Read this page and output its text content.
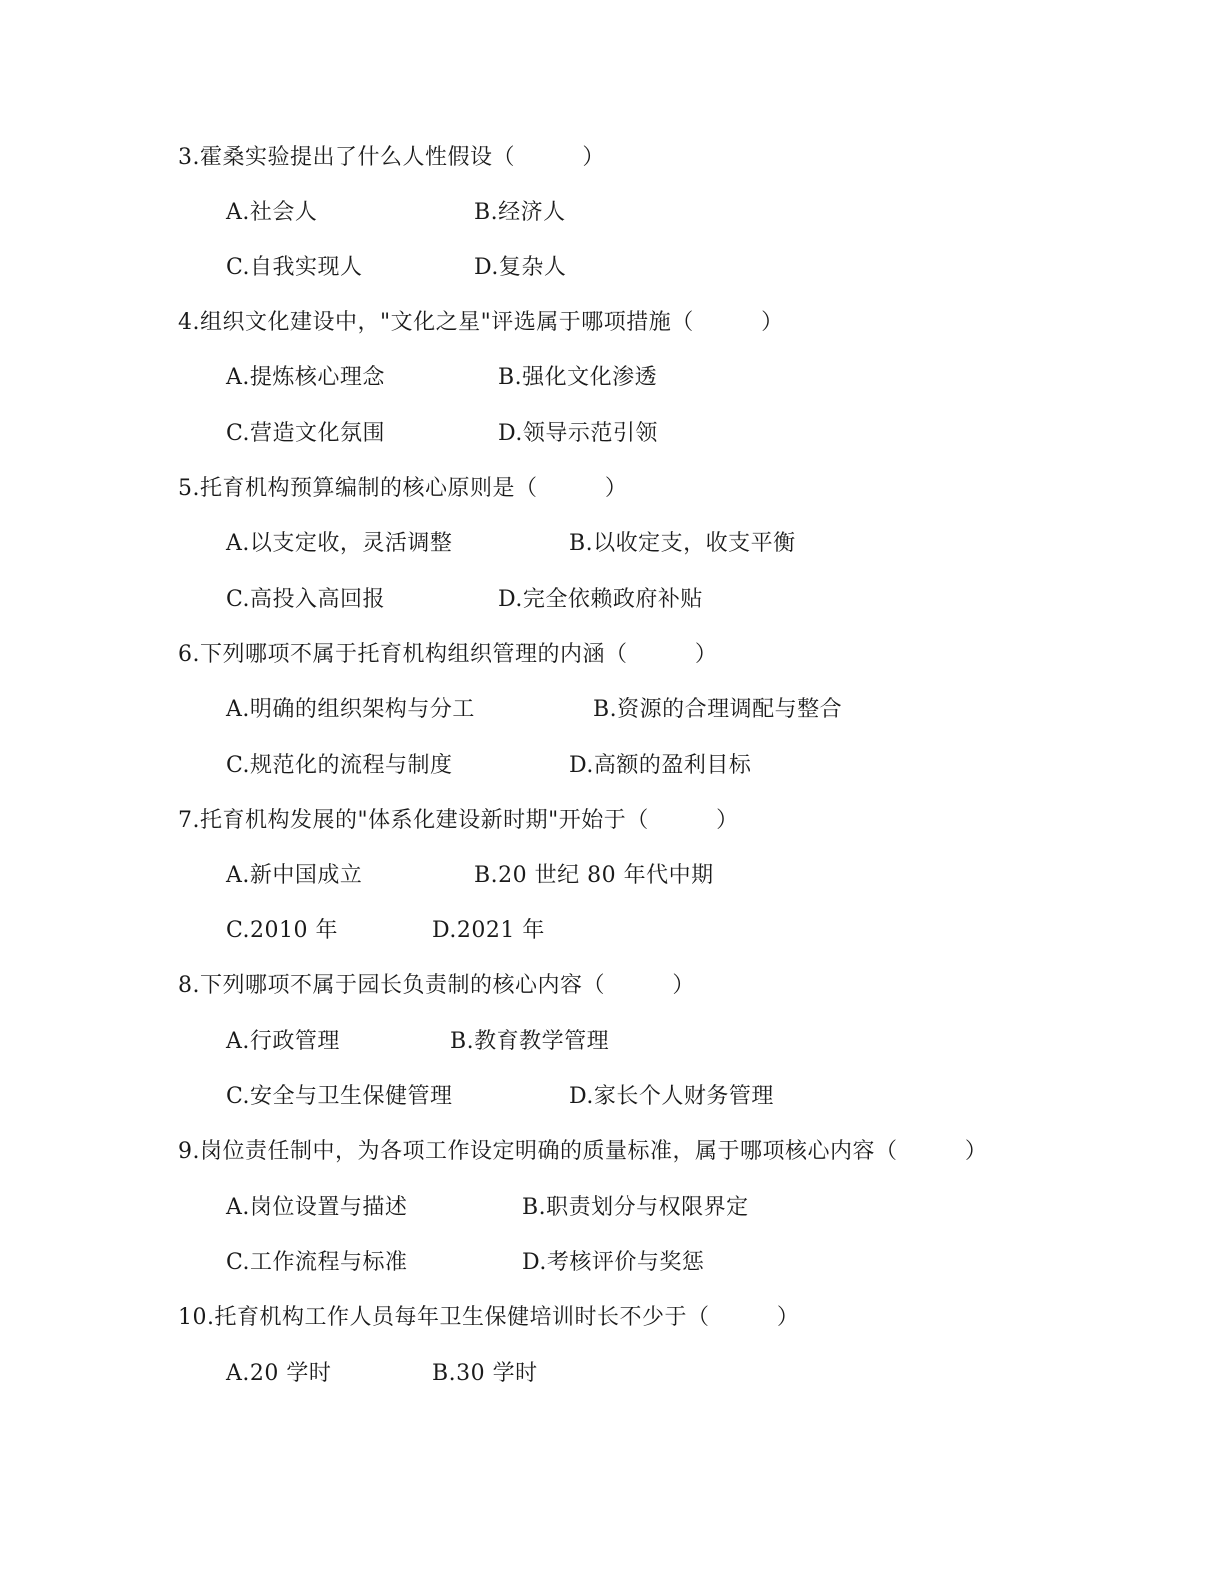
3.霍桑实验提出了什么人性假设（         ）
A.社会人	B.经济人
C.自我实现人	D.复杂人
4.组织文化建设中，"文化之星"评选属于哪项措施（         ）
A.提炼核心理念	B.强化文化渗透
C.营造文化氛围	D.领导示范引领
5.托育机构预算编制的核心原则是（         ）
A.以支定收，灵活调整	B.以收定支，收支平衡
C.高投入高回报	D.完全依赖政府补贴
6.下列哪项不属于托育机构组织管理的内涵（         ）
A.明确的组织架构与分工	B.资源的合理调配与整合
C.规范化的流程与制度	D.高额的盈利目标
7.托育机构发展的"体系化建设新时期"开始于（         ）
A.新中国成立	B.20 世纪 80 年代中期
C.2010 年	D.2021 年
8.下列哪项不属于园长负责制的核心内容（         ）
A.行政管理	B.教育教学管理
C.安全与卫生保健管理	D.家长个人财务管理
9.岗位责任制中，为各项工作设定明确的质量标准，属于哪项核心内容（         ）
A.岗位设置与描述	B.职责划分与权限界定
C.工作流程与标准	D.考核评价与奖惩
10.托育机构工作人员每年卫生保健培训时长不少于（         ）
A.20 学时	B.30 学时
